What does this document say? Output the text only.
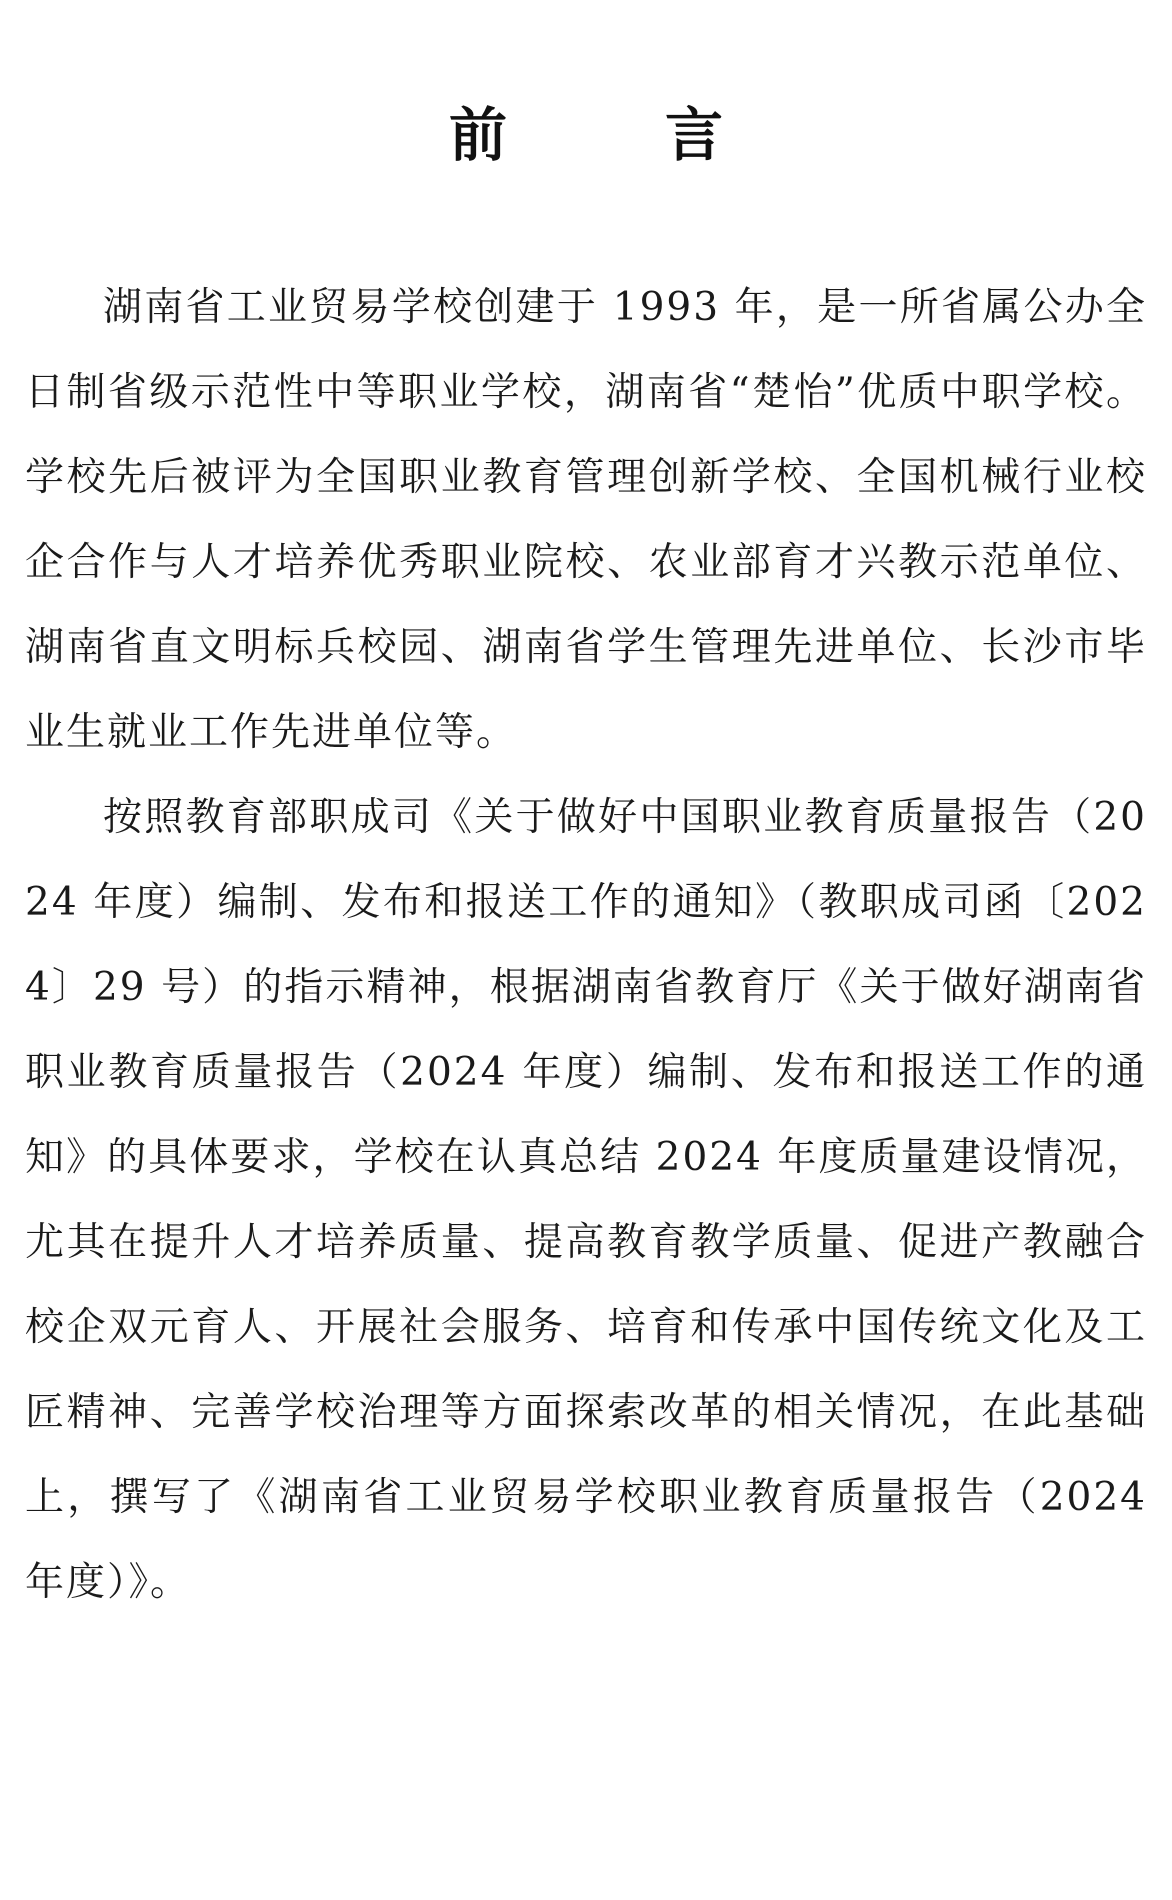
前　言

湖南省工业贸易学校创建于 1993 年，是一所省属公办全日制省级示范性中等职业学校，湖南省“楚怡”优质中职学校。学校先后被评为全国职业教育管理创新学校、全国机械行业校企合作与人才培养优秀职业院校、农业部育才兴教示范单位、湖南省直文明标兵校园、湖南省学生管理先进单位、长沙市毕业生就业工作先进单位等。

按照教育部职成司《关于做好中国职业教育质量报告（2024 年度）编制、发布和报送工作的通知》（教职成司函〔2024〕29 号）的指示精神，根据湖南省教育厅《关于做好湖南省职业教育质量报告（2024 年度）编制、发布和报送工作的通知》的具体要求，学校在认真总结 2024 年度质量建设情况，尤其在提升人才培养质量、提高教育教学质量、促进产教融合校企双元育人、开展社会服务、培育和传承中国传统文化及工匠精神、完善学校治理等方面探索改革的相关情况，在此基础上，撰写了《湖南省工业贸易学校职业教育质量报告（2024 年度）》。
